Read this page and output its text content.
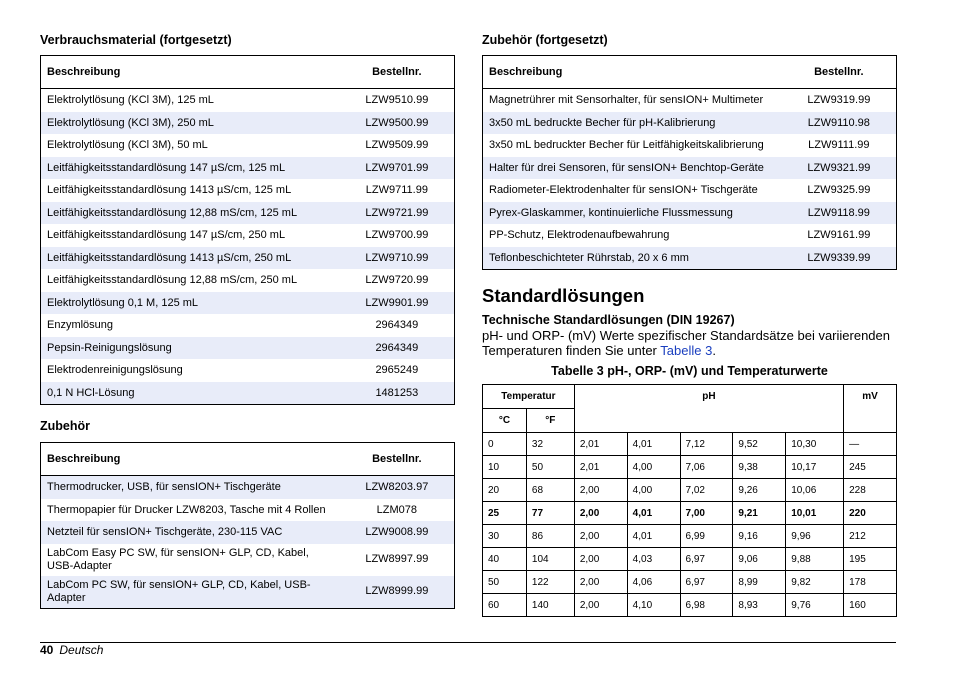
Verbrauchsmaterial (fortgesetzt)
Beschreibung	Bestellnr.
Elektrolytlösung (KCl 3M), 125 mL	LZW9510.99
Elektrolytlösung (KCl 3M), 250 mL	LZW9500.99
Elektrolytlösung (KCl 3M), 50 mL	LZW9509.99
Leitfähigkeitsstandardlösung 147 µS/cm, 125 mL	LZW9701.99
Leitfähigkeitsstandardlösung 1413 µS/cm, 125 mL	LZW9711.99
Leitfähigkeitsstandardlösung 12,88 mS/cm, 125 mL	LZW9721.99
Leitfähigkeitsstandardlösung 147 µS/cm, 250 mL	LZW9700.99
Leitfähigkeitsstandardlösung 1413 µS/cm, 250 mL	LZW9710.99
Leitfähigkeitsstandardlösung 12,88 mS/cm, 250 mL	LZW9720.99
Elektrolytlösung 0,1 M, 125 mL	LZW9901.99
Enzymlösung	2964349
Pepsin-Reinigungslösung	2964349
Elektrodenreinigungslösung	2965249
0,1 N HCl-Lösung	1481253
Zubehör
Beschreibung	Bestellnr.
Thermodrucker, USB, für sensION+ Tischgeräte	LZW8203.97
Thermopapier für Drucker LZW8203, Tasche mit 4 Rollen	LZM078
Netzteil für sensION+ Tischgeräte, 230-115 VAC	LZW9008.99
LabCom Easy PC SW, für sensION+ GLP, CD, Kabel, USB-Adapter	LZW8997.99
LabCom PC SW, für sensION+ GLP, CD, Kabel, USB-Adapter	LZW8999.99
Zubehör (fortgesetzt)
Beschreibung	Bestellnr.
Magnetrührer mit Sensorhalter, für sensION+ Multimeter	LZW9319.99
3x50 mL bedruckte Becher für pH-Kalibrierung	LZW9110.98
3x50 mL bedruckter Becher für Leitfähigkeitskalibrierung	LZW9111.99
Halter für drei Sensoren, für sensION+ Benchtop-Geräte	LZW9321.99
Radiometer-Elektrodenhalter für sensION+ Tischgeräte	LZW9325.99
Pyrex-Glaskammer, kontinuierliche Flussmessung	LZW9118.99
PP-Schutz, Elektrodenaufbewahrung	LZW9161.99
Teflonbeschichteter Rührstab, 20 x 6 mm	LZW9339.99
Standardlösungen
Technische Standardlösungen (DIN 19267)
pH- und ORP- (mV) Werte spezifischer Standardsätze bei variierenden Temperaturen finden Sie unter Tabelle 3.
Tabelle 3 pH-, ORP- (mV) und Temperaturwerte
Temperatur		pH					mV
°C	°F						
0	32	2,01	4,01	7,12	9,52	10,30	—
10	50	2,01	4,00	7,06	9,38	10,17	245
20	68	2,00	4,00	7,02	9,26	10,06	228
25	77	2,00	4,01	7,00	9,21	10,01	220
30	86	2,00	4,01	6,99	9,16	9,96	212
40	104	2,00	4,03	6,97	9,06	9,88	195
50	122	2,00	4,06	6,97	8,99	9,82	178
60	140	2,00	4,10	6,98	8,93	9,76	160
40 Deutsch
